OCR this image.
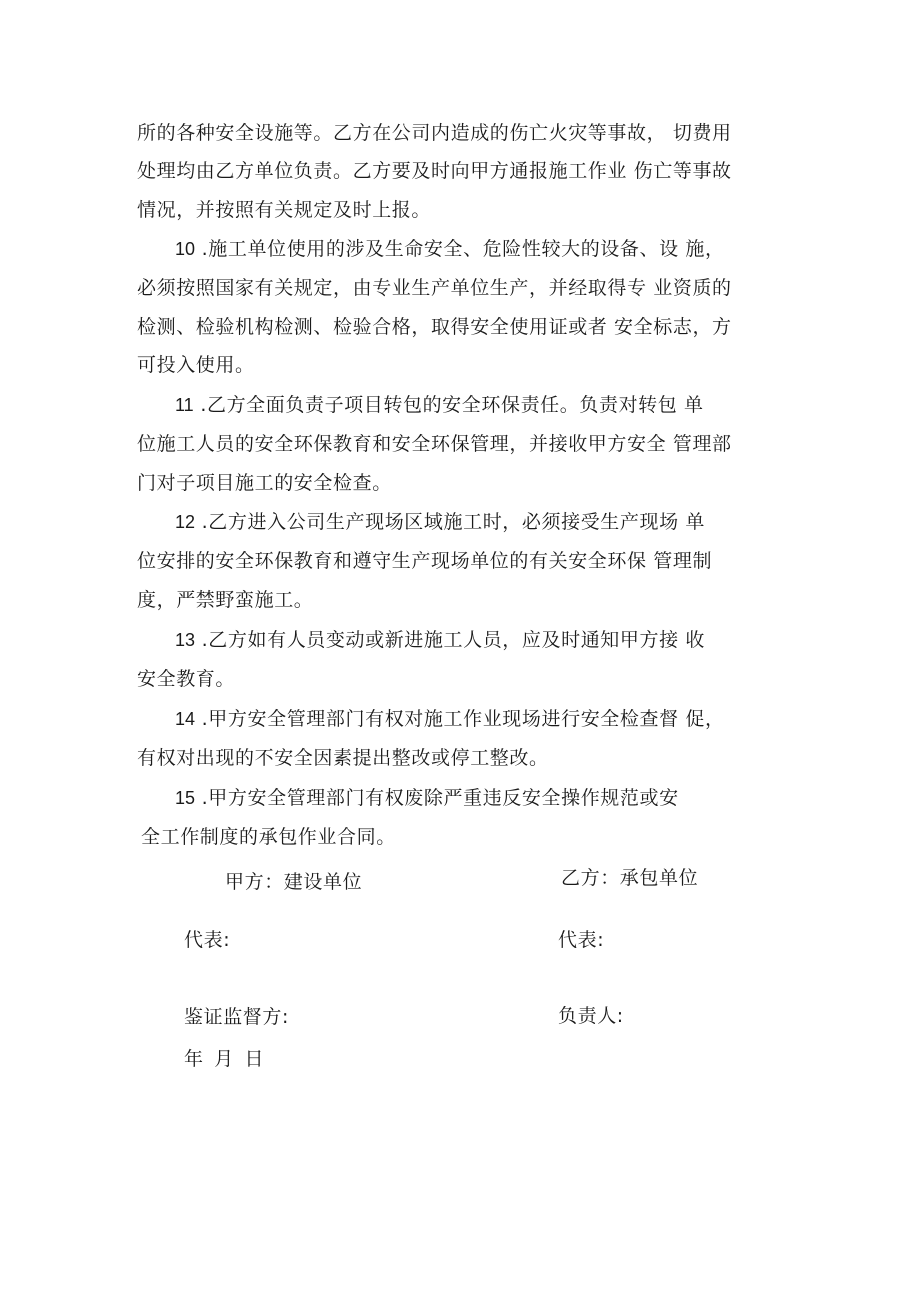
所的各种安全设施等。乙方在公司内造成的伤亡火灾等事故， 切费用
处理均由乙方单位负责。乙方要及时向甲方通报施工作业 伤亡等事故
情况，并按照有关规定及时上报。
10 .施工单位使用的涉及生命安全、危险性较大的设备、设 施，
必须按照国家有关规定，由专业生产单位生产，并经取得专 业资质的
检测、检验机构检测、检验合格，取得安全使用证或者 安全标志，方
可投入使用。
11 .乙方全面负责子项目转包的安全环保责任。负责对转包 单
位施工人员的安全环保教育和安全环保管理，并接收甲方安全 管理部
门对子项目施工的安全检查。
12 .乙方进入公司生产现场区域施工时，必须接受生产现场 单
位安排的安全环保教育和遵守生产现场单位的有关安全环保 管理制
度，严禁野蛮施工。
13 .乙方如有人员变动或新进施工人员，应及时通知甲方接 收
安全教育。
14 .甲方安全管理部门有权对施工作业现场进行安全检查督 促，
有权对出现的不安全因素提出整改或停工整改。
15 .甲方安全管理部门有权废除严重违反安全操作规范或安
全工作制度的承包作业合同。
甲方：建设单位	乙方：承包单位
代表:	代表:
鉴证监督方:	负责人:
年 月 日
